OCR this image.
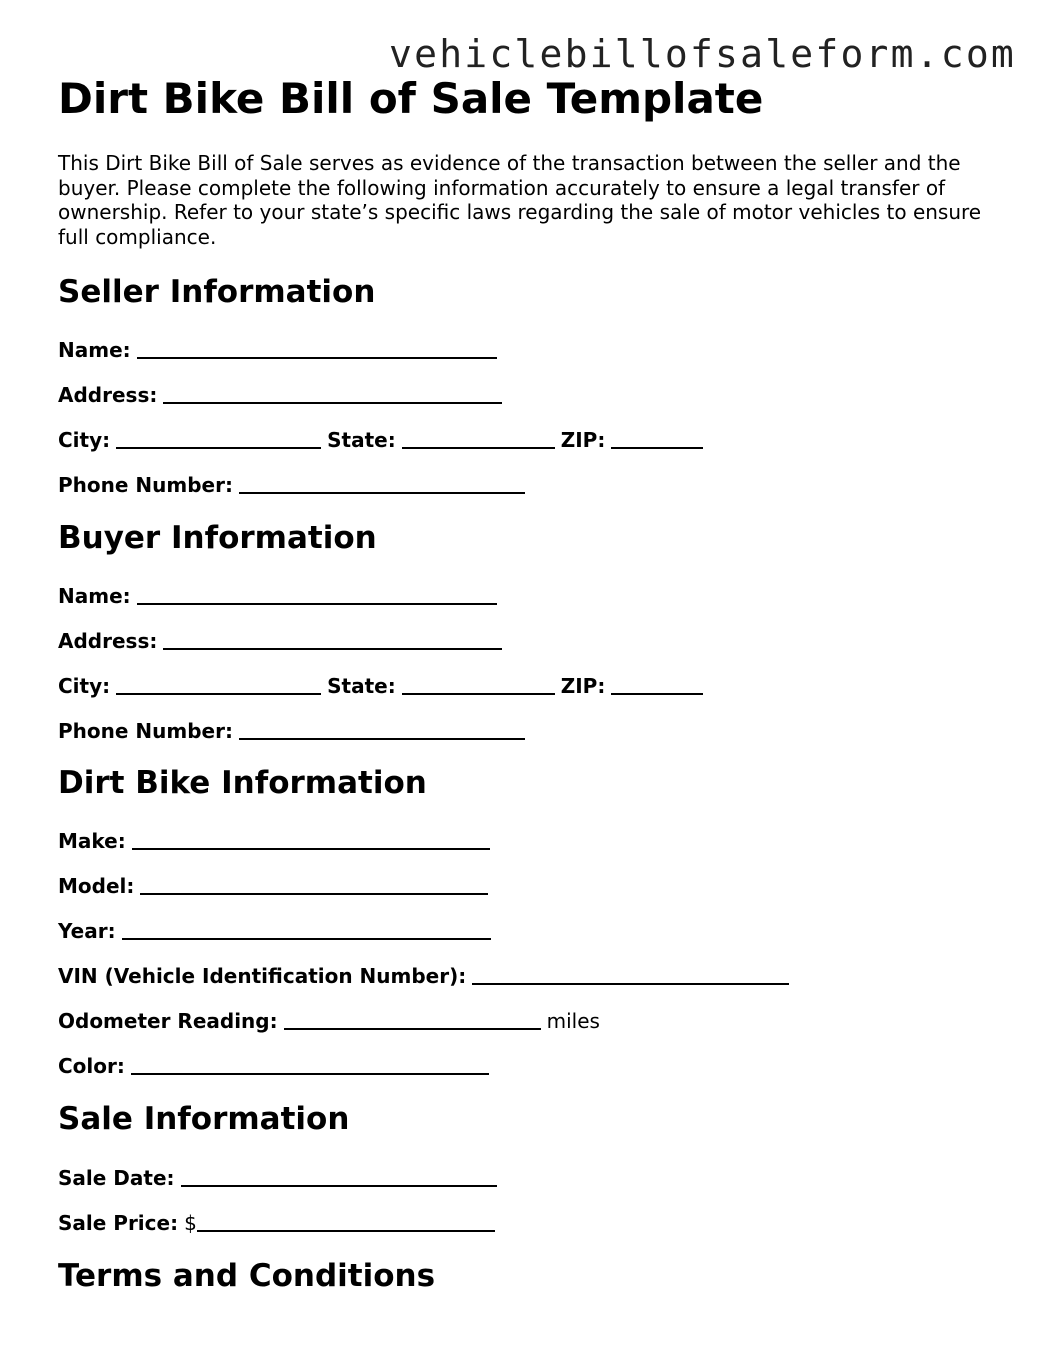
vehiclebillofsaleform.com
Dirt Bike Bill of Sale Template

This Dirt Bike Bill of Sale serves as evidence of the transaction between the seller and the buyer. Please complete the following information accurately to ensure a legal transfer of ownership. Refer to your state’s specific laws regarding the sale of motor vehicles to ensure full compliance.

Seller Information
Name:
Address:
City:	State:	ZIP:
Phone Number:
Buyer Information
Name:
Address:
City:	State:	ZIP:
Phone Number:
Dirt Bike Information
Make:
Model:
Year:
VIN (Vehicle Identification Number):
Odometer Reading:	miles
Color:
Sale Information
Sale Date:
Sale Price: $
Terms and Conditions
